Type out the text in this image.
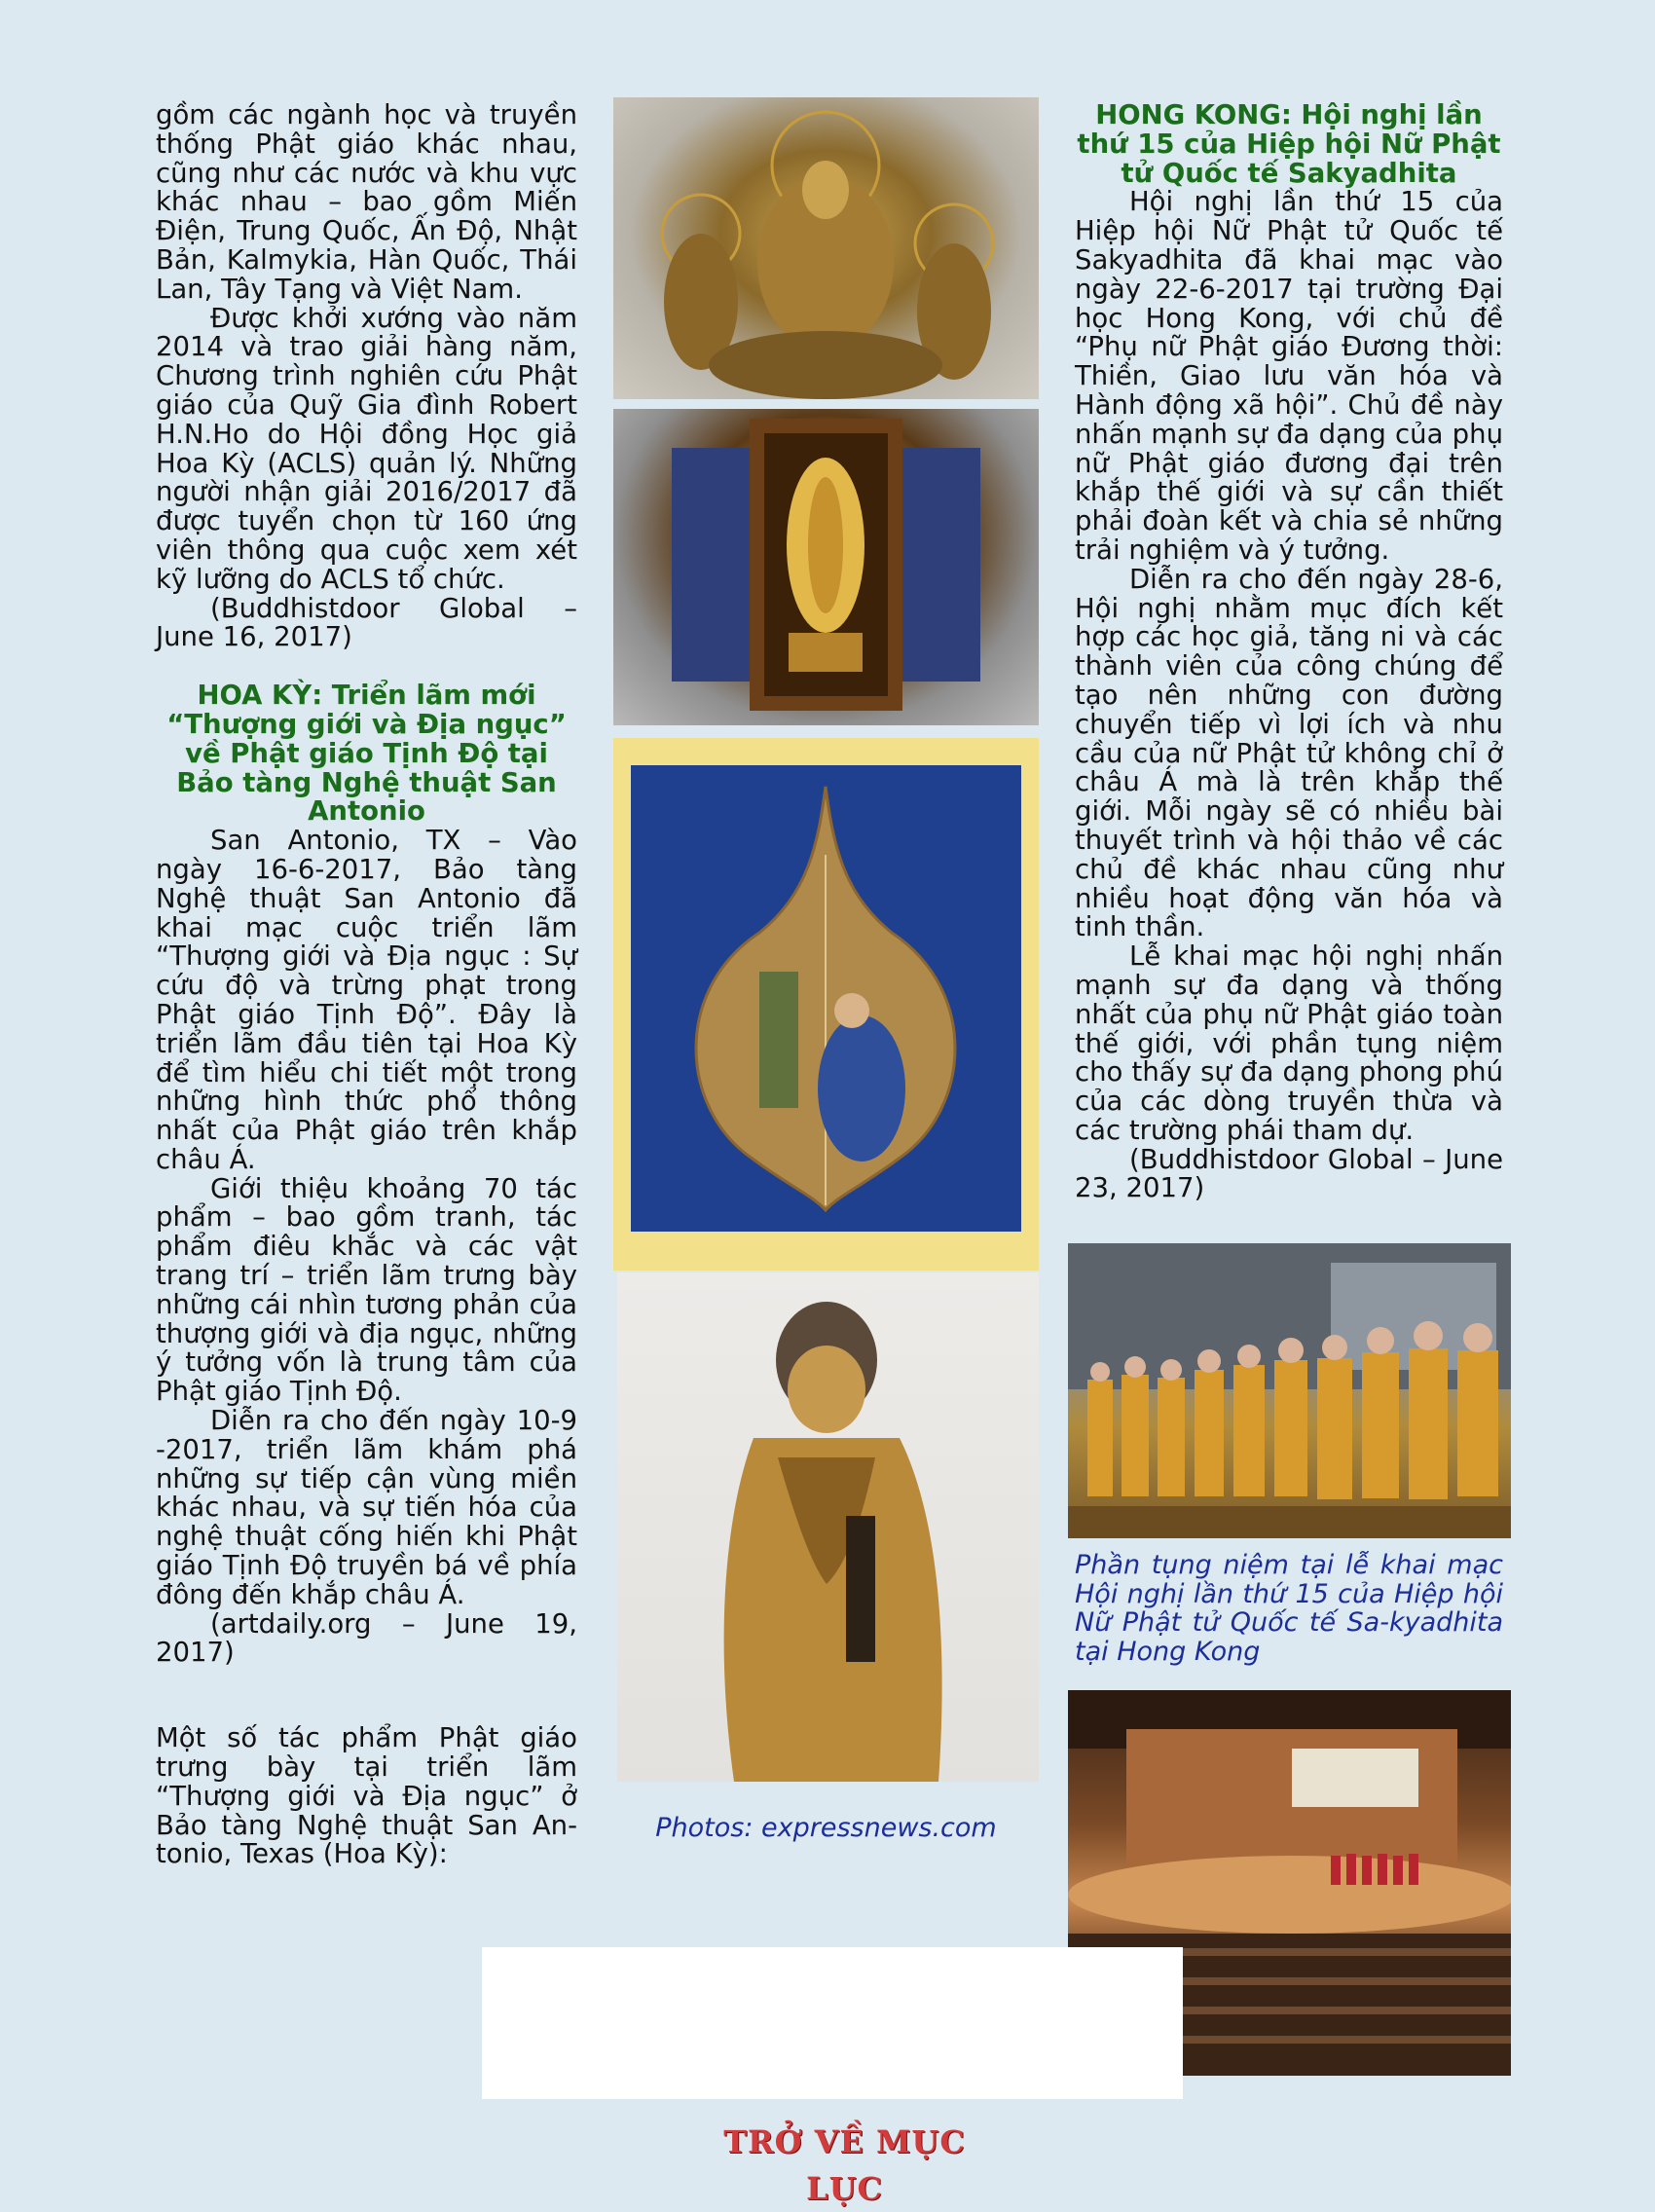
gồm các ngành học và truyền thống Phật giáo khác nhau, cũng như các nước và khu vực khác nhau – bao gồm Miến Điện, Trung Quốc, Ấn Độ, Nhật Bản, Kalmykia, Hàn Quốc, Thái Lan, Tây Tạng và Việt Nam.

Được khởi xướng vào năm 2014 và trao giải hàng năm, Chương trình nghiên cứu Phật giáo của Quỹ Gia đình Robert H.N.Ho do Hội đồng Học giả Hoa Kỳ (ACLS) quản lý. Những người nhận giải 2016/2017 đã được tuyển chọn từ 160 ứng viên thông qua cuộc xem xét kỹ lưỡng do ACLS tổ chức.

(Buddhistdoor Global – June 16, 2017)

HOA KỲ: Triển lãm mới “Thượng giới và Địa ngục” về Phật giáo Tịnh Độ tại Bảo tàng Nghệ thuật San Antonio

San Antonio, TX – Vào ngày 16-6-2017, Bảo tàng Nghệ thuật San Antonio đã khai mạc cuộc triển lãm “Thượng giới và Địa ngục : Sự cứu độ và trừng phạt trong Phật giáo Tịnh Độ”. Đây là triển lãm đầu tiên tại Hoa Kỳ để tìm hiểu chi tiết một trong những hình thức phổ thông nhất của Phật giáo trên khắp châu Á.

Giới thiệu khoảng 70 tác phẩm – bao gồm tranh, tác phẩm điêu khắc và các vật trang trí – triển lãm trưng bày những cái nhìn tương phản của thượng giới và địa ngục, những ý tưởng vốn là trung tâm của Phật giáo Tịnh Độ.

Diễn ra cho đến ngày 10-9 -2017, triển lãm khám phá những sự tiếp cận vùng miền khác nhau, và sự tiến hóa của nghệ thuật cống hiến khi Phật giáo Tịnh Độ truyền bá về phía đông đến khắp châu Á.

(artdaily.org – June 19, 2017)

Một số tác phẩm Phật giáo trưng bày tại triển lãm “Thượng giới và Địa ngục” ở Bảo tàng Nghệ thuật San An-tonio, Texas (Hoa Kỳ):

Photos: expressnews.com
HONG KONG: Hội nghị lần thứ 15 của Hiệp hội Nữ Phật tử Quốc tế Sakyadhita

Hội nghị lần thứ 15 của Hiệp hội Nữ Phật tử Quốc tế Sakyadhita đã khai mạc vào ngày 22-6-2017 tại trường Đại học Hong Kong, với chủ đề “Phụ nữ Phật giáo Đương thời: Thiền, Giao lưu văn hóa và Hành động xã hội”. Chủ đề này nhấn mạnh sự đa dạng của phụ nữ Phật giáo đương đại trên khắp thế giới và sự cần thiết phải đoàn kết và chia sẻ những trải nghiệm và ý tưởng.

Diễn ra cho đến ngày 28-6, Hội nghị nhằm mục đích kết hợp các học giả, tăng ni và các thành viên của công chúng để tạo nên những con đường chuyển tiếp vì lợi ích và nhu cầu của nữ Phật tử không chỉ ở châu Á mà là trên khắp thế giới. Mỗi ngày sẽ có nhiều bài thuyết trình và hội thảo về các chủ đề khác nhau cũng như nhiều hoạt động văn hóa và tinh thần.

Lễ khai mạc hội nghị nhấn mạnh sự đa dạng và thống nhất của phụ nữ Phật giáo toàn thế giới, với phần tụng niệm cho thấy sự đa dạng phong phú của các dòng truyền thừa và các trường phái tham dự.

(Buddhistdoor Global – June 23, 2017)

Phần tụng niệm tại lễ khai mạc Hội nghị lần thứ 15 của Hiệp hội Nữ Phật tử Quốc tế Sa-kyadhita tại Hong Kong
TRỞ VỀ MỤC LỤC
